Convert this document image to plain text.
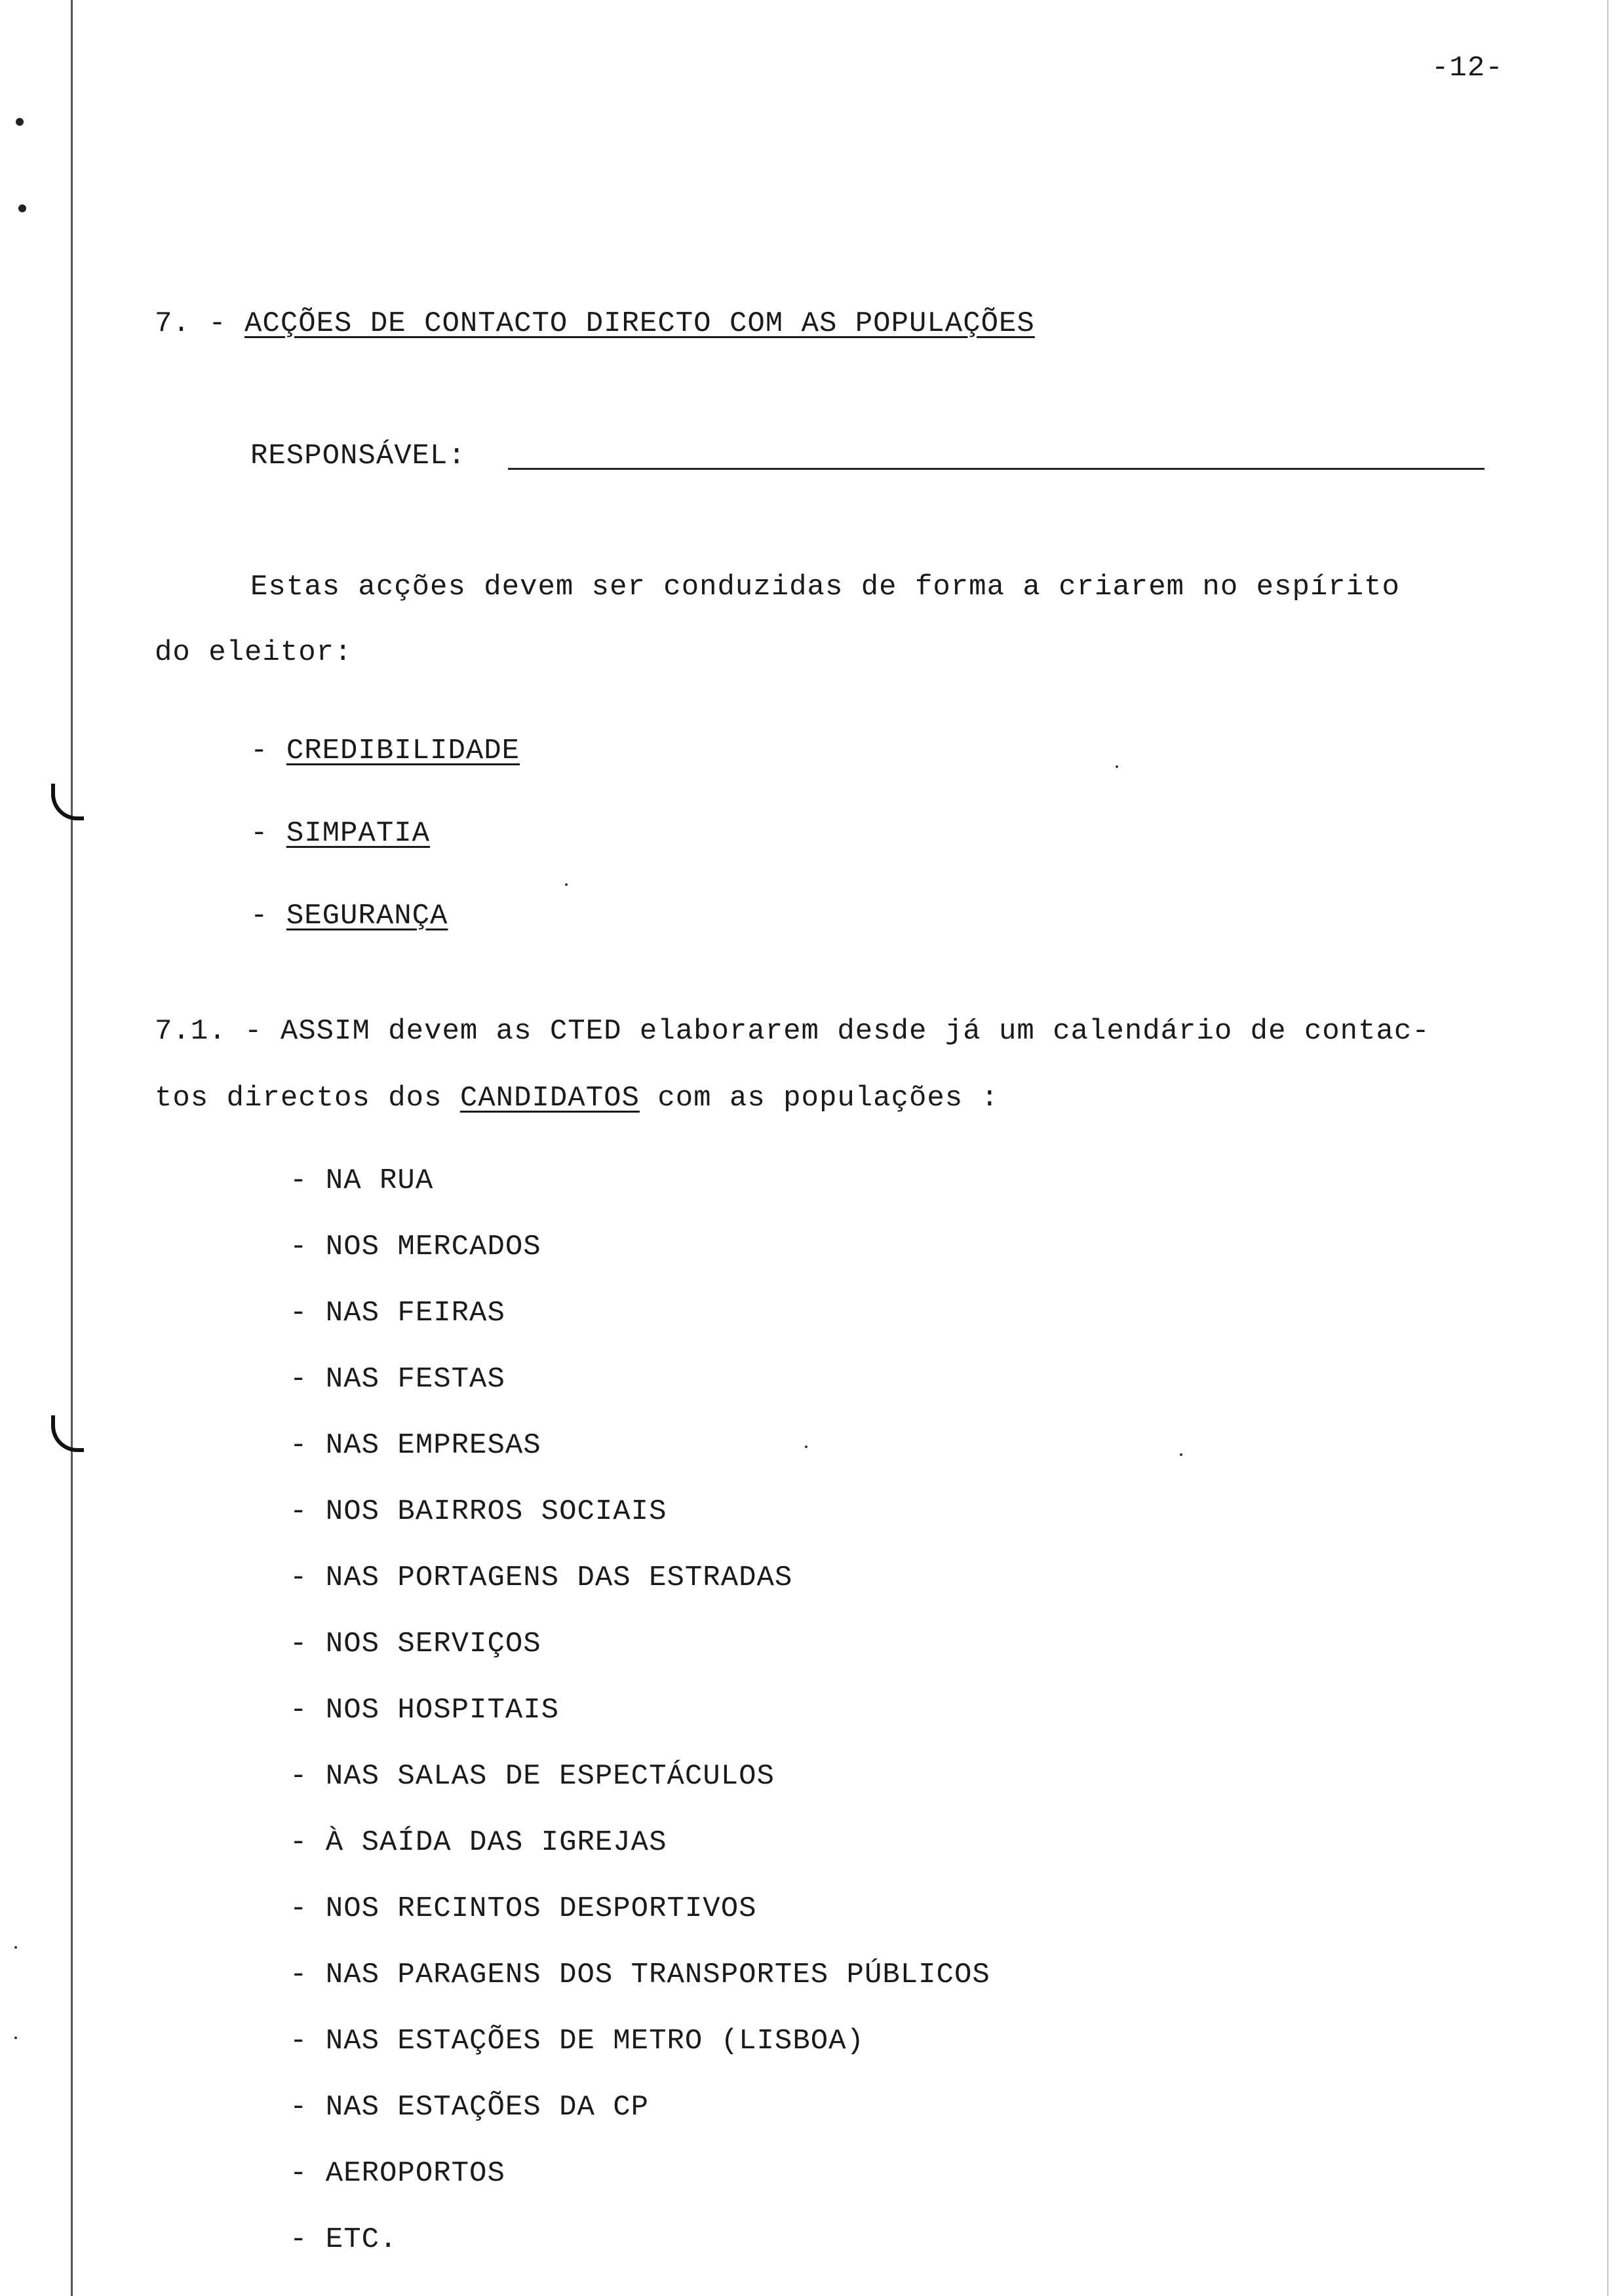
-12-
7. - ACÇÕES DE CONTACTO DIRECTO COM AS POPULAÇÕES
RESPONSÁVEL:
Estas acções devem ser conduzidas de forma a criarem no espírito
do eleitor:
- CREDIBILIDADE
- SIMPATIA
- SEGURANÇA
7.1. - ASSIM devem as CTED elaborarem desde já um calendário de contac-
tos directos dos CANDIDATOS com as populações :
- NA RUA
- NOS MERCADOS
- NAS FEIRAS
- NAS FESTAS
- NAS EMPRESAS
- NOS BAIRROS SOCIAIS
- NAS PORTAGENS DAS ESTRADAS
- NOS SERVIÇOS
- NOS HOSPITAIS
- NAS SALAS DE ESPECTÁCULOS
- À SAÍDA DAS IGREJAS
- NOS RECINTOS DESPORTIVOS
- NAS PARAGENS DOS TRANSPORTES PÚBLICOS
- NAS ESTAÇÕES DE METRO (LISBOA)
- NAS ESTAÇÕES DA CP
- AEROPORTOS
- ETC.
